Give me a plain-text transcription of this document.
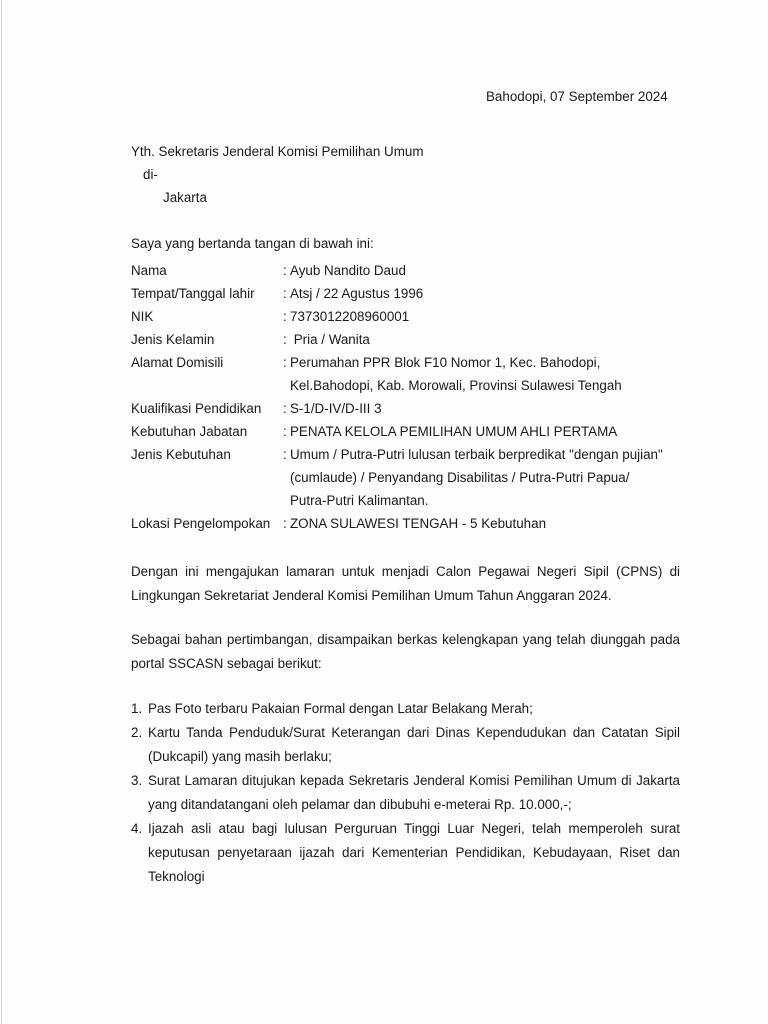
Bahodopi, 07 September 2024
Yth. Sekretaris Jenderal Komisi Pemilihan Umum
di-
Jakarta
Saya yang bertanda tangan di bawah ini:
Nama	: Ayub Nandito Daud
Tempat/Tanggal lahir	: Atsj / 22 Agustus 1996
NIK	: 7373012208960001
Jenis Kelamin	: Pria / Wanita
Alamat Domisili	: Perumahan PPR Blok F10 Nomor 1, Kec. Bahodopi,
Kel.Bahodopi, Kab. Morowali, Provinsi Sulawesi Tengah
Kualifikasi Pendidikan	: S-1/D-IV/D-III 3
Kebutuhan Jabatan	: PENATA KELOLA PEMILIHAN UMUM AHLI PERTAMA
Jenis Kebutuhan	: Umum / Putra-Putri lulusan terbaik berpredikat "dengan pujian"
(cumlaude) / Penyandang Disabilitas / Putra-Putri Papua/
Putra-Putri Kalimantan.
Lokasi Pengelompokan : ZONA SULAWESI TENGAH - 5 Kebutuhan
Dengan ini mengajukan lamaran untuk menjadi Calon Pegawai Negeri Sipil (CPNS) di Lingkungan Sekretariat Jenderal Komisi Pemilihan Umum Tahun Anggaran 2024.
Sebagai bahan pertimbangan, disampaikan berkas kelengkapan yang telah diunggah pada portal SSCASN sebagai berikut:
1. Pas Foto terbaru Pakaian Formal dengan Latar Belakang Merah;
2. Kartu Tanda Penduduk/Surat Keterangan dari Dinas Kependudukan dan Catatan Sipil (Dukcapil) yang masih berlaku;
3. Surat Lamaran ditujukan kepada Sekretaris Jenderal Komisi Pemilihan Umum di Jakarta yang ditandatangani oleh pelamar dan dibubuhi e-meterai Rp. 10.000,-;
4. Ijazah asli atau bagi lulusan Perguruan Tinggi Luar Negeri, telah memperoleh surat keputusan penyetaraan ijazah dari Kementerian Pendidikan, Kebudayaan, Riset dan Teknologi
